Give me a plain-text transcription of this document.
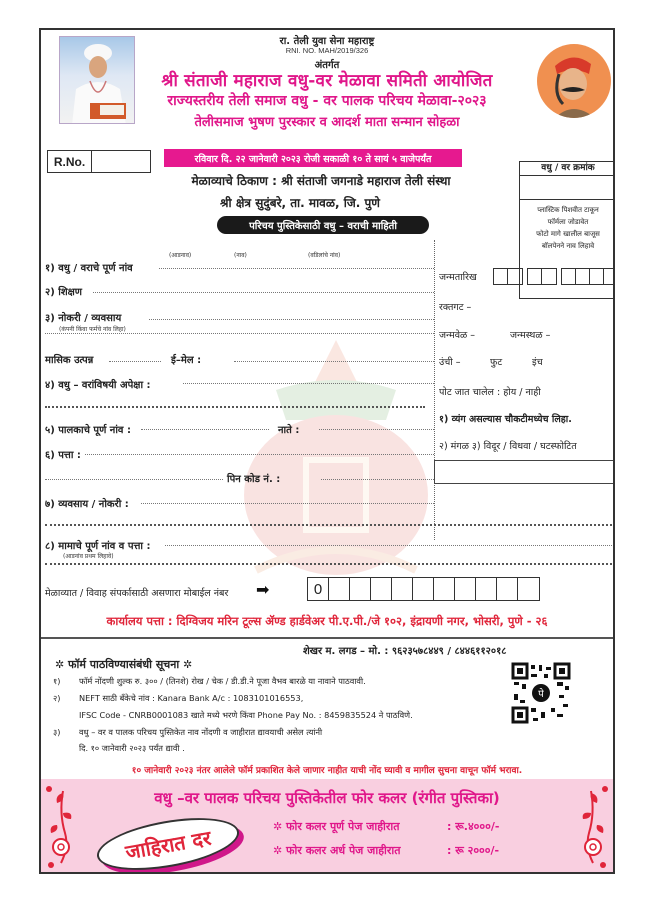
रा. तेली युवा सेना महाराष्ट्र
RNI. NO. MAH/2019/326
अंतर्गत
श्री संताजी महाराज वधु-वर मेळावा समिती आयोजित
राज्यस्तरीय तेली समाज वधु - वर पालक परिचय मेळावा-२०२३
तेलीसमाज भुषण पुरस्कार व आदर्श माता सन्मान सोहळा
R.No.	रविवार दि. २२ जानेवारी २०२३ रोजी सकाळी १० ते सायं ५ वाजेपर्यंत
मेळाव्याचे ठिकाण : श्री संताजी जगनाडे महाराज तेली संस्था
श्री क्षेत्र सुदुंबरे, ता. मावळ, जि. पुणे
परिचय पुस्तिकेसाठी वधु – वराची माहिती
वधु / वर क्रमांक
प्लास्टिक पिशवीत टाकून
फॉर्मला जोडावेत
फोटो मागे खालील बाजूस
बॉलपेनने नाव लिहावे
(आडनाव)	(नाव)	(वडिलांचे नांव)
१) वधु / वराचे पूर्ण नांव
२) शिक्षण
३) नोकरी / व्यवसाय
(कंपनी किंवा फर्मचे नांव लिहा)
मासिक उत्पन्न	ई–मेल :
४) वधु – वरांविषयी अपेक्षा :
५) पालकाचे पूर्ण नांव :	नाते :
६) पत्ता :
पिन कोड नं. :
७) व्यवसाय / नोकरी :
८) मामाचे पूर्ण नांव व पत्ता :
(आडनांव प्रथम लिहावे)
मेळाव्यात / विवाह संपर्कासाठी असणारा मोबाईल नंबर ➡	0
जन्मतारिख
रक्तगट –
जन्मवेळ –	जन्मस्थळ –
उंची –	फुट	इंच
पोट जात चालेल : होय / नाही
१) व्यंग असल्यास चौकटीमध्येच लिहा.
२) मंगळ ३) विदूर / विधवा / घटस्फोटित
कार्यालय पत्ता : दिग्विजय मरिन टूल्स ॲण्ड हार्डवेअर पी.ए.पी./जे १०२, इंद्रायणी नगर, भोसरी, पुणे - २६
शेखर म. लगड – मो. : ९६२३५७८४४९ / ८४४६११२०१८
✲ फॉर्म पाठविण्यासंबंधी सूचना ✲
१) फॉर्म नोंदणी शुल्क रु. ३०० / (तिनशे) रोख / चेक / डी.डी.ने पूजा वैभव बारळे या नावाने पाठवावी.
२) NEFT साठी बँकेचे नांव : Kanara Bank A/c : 1083101016553,
IFSC Code - CNRB0001083 खाते मध्ये भरणे किंवा Phone Pay No. : 8459835524 ने पाठविणे.
३) वधु – वर व पालक परिचय पुस्तिकेत नाव नोंदणी व जाहीरात द्यावयाची असेल त्यांनी
दि. १० जानेवारी २०२३ पर्यंत द्यावी .
पे
१० जानेवारी २०२३ नंतर आलेले फॉर्म प्रकाशित केले जाणार नाहीत याची नोंद घ्यावी व मागील सुचना वाचून फॉर्म भरावा.
वधु –वर पालक परिचय पुस्तिकेतील फोर कलर (रंगीत पुस्तिका)
जाहिरात दर	✲ फोर कलर पूर्ण पेज जाहीरात	: रू.४०००/-
✲ फोर कलर अर्ध पेज जाहीरात	: रू २०००/-
